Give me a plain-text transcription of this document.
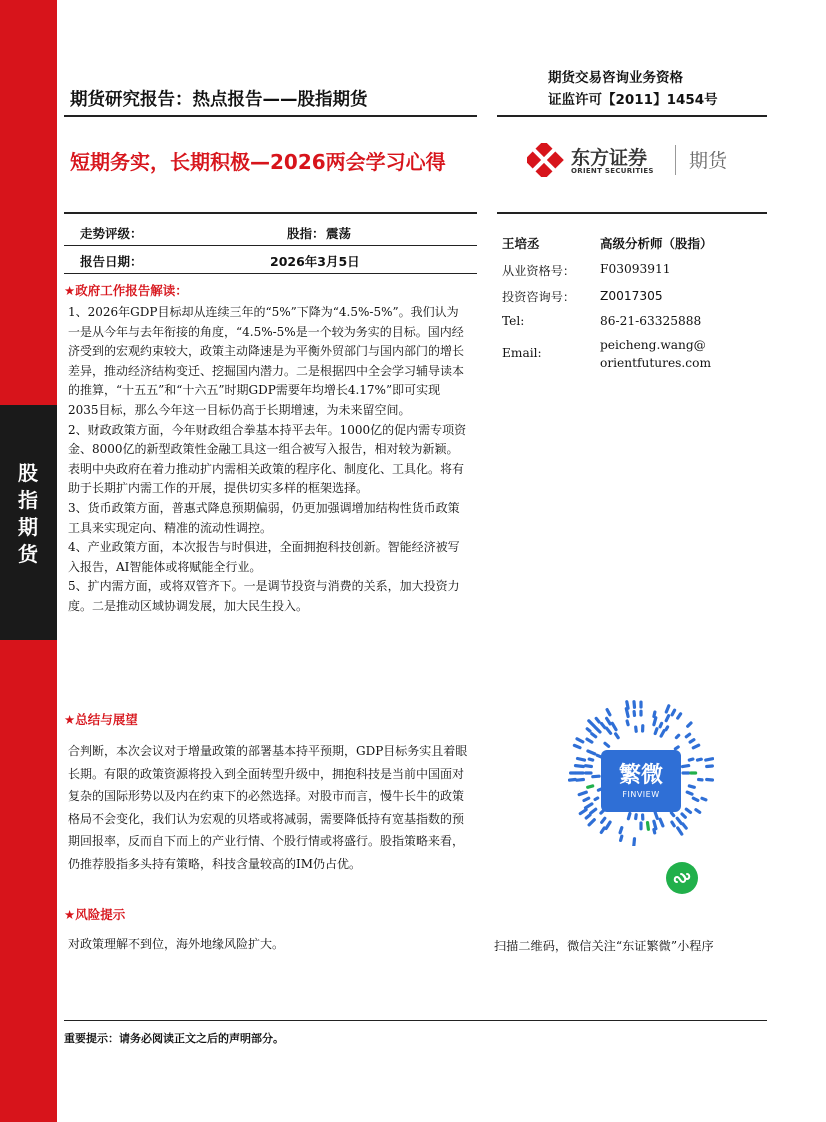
股
指
期
货
期货交易咨询业务资格
证监许可【2011】1454号
期货研究报告：热点报告——股指期货
短期务实，长期积极—2026两会学习心得	东方证券
ORIENT SECURITIES 期货
走势评级：	股指： 震荡
报告日期：	2026年3月5日
★政府工作报告解读：

1、2026年GDP目标却从连续三年的“5%”下降为“4.5%-5%”。我们认为一是从今年与去年衔接的角度，“4.5%-5%是一个较为务实的目标。国内经济受到的宏观约束较大，政策主动降速是为平衡外贸部门与国内部门的增长差异，推动经济结构变迁、挖掘国内潜力。二是根据四中全会学习辅导读本的推算，“十五五”和“十六五”时期GDP需要年均增长4.17%”即可实现2035目标，那么今年这一目标仍高于长期增速，为未来留空间。

2、财政政策方面，今年财政组合拳基本持平去年。1000亿的促内需专项资金、8000亿的新型政策性金融工具这一组合被写入报告，相对较为新颖。表明中央政府在着力推动扩内需相关政策的程序化、制度化、工具化。将有助于长期扩内需工作的开展，提供切实多样的框架选择。

3、货币政策方面，普惠式降息预期偏弱，仍更加强调增加结构性货币政策工具来实现定向、精准的流动性调控。

4、产业政策方面，本次报告与时俱进，全面拥抱科技创新。智能经济被写入报告，AI智能体或将赋能全行业。

5、扩内需方面，或将双管齐下。一是调节投资与消费的关系，加大投资力度。二是推动区域协调发展，加大民生投入。

★总结与展望

合判断，本次会议对于增量政策的部署基本持平预期，GDP目标务实且着眼长期。有限的政策资源将投入到全面转型升级中，拥抱科技是当前中国面对复杂的国际形势以及内在约束下的必然选择。对股市而言，慢牛长牛的政策格局不会变化，我们认为宏观的贝塔或将减弱，需要降低持有宽基指数的预期回报率，反而自下而上的产业行情、个股行情或将盛行。股指策略来看，仍推荐股指多头持有策略，科技含量较高的IM仍占优。

★风险提示

对政策理解不到位，海外地缘风险扩大。

王培丞	高级分析师（股指）
从业资格号： F03093911
投资咨询号： Z0017305
Tel:	86-21-63325888
Email:
peicheng.wang@
orientfutures.com
繁微
FINVIEW
扫描二维码，微信关注“东证繁微”小程序
重要提示：请务必阅读正文之后的声明部分。
